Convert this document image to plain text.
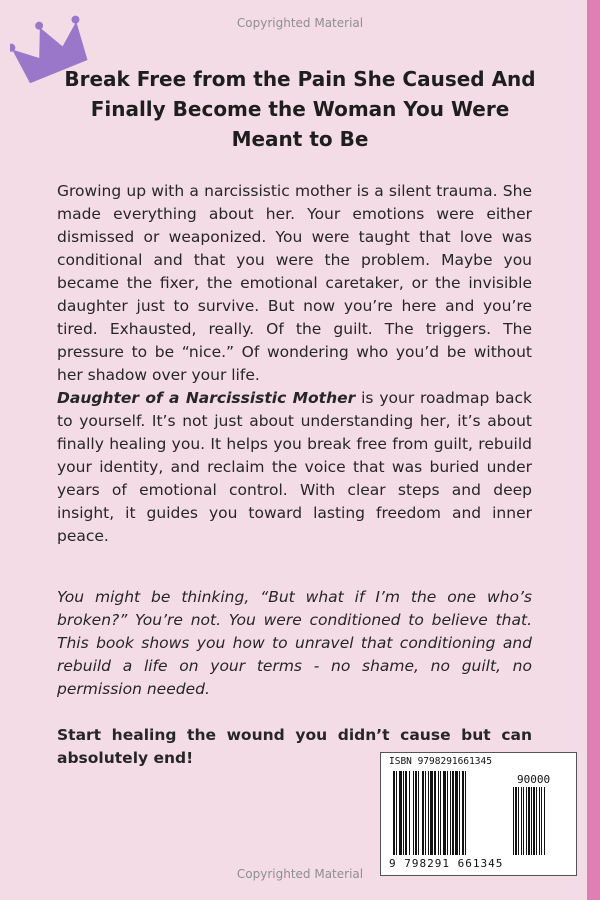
Copyrighted Material
Break Free from the Pain She Caused And Finally Become the Woman You Were Meant to Be

Growing up with a narcissistic mother is a silent trauma. She made everything about her. Your emotions were either dismissed or weaponized. You were taught that love was conditional and that you were the problem. Maybe you became the fixer, the emotional caretaker, or the invisible daughter just to survive. But now you’re here and you’re tired. Exhausted, really. Of the guilt. The triggers. The pressure to be “nice.” Of wondering who you’d be without her shadow over your life.

Daughter of a Narcissistic Mother is your roadmap back to yourself. It’s not just about understanding her, it’s about finally healing you. It helps you break free from guilt, rebuild your identity, and reclaim the voice that was buried under years of emotional control. With clear steps and deep insight, it guides you toward lasting freedom and inner peace.

You might be thinking, “But what if I’m the one who’s broken?” You’re not. You were conditioned to believe that. This book shows you how to unravel that conditioning and rebuild a life on your terms - no shame, no guilt, no permission needed.

Start healing the wound you didn’t cause but can absolutely end!	ISBN 9798291661345
90000
9 798291 661345
Copyrighted Material
